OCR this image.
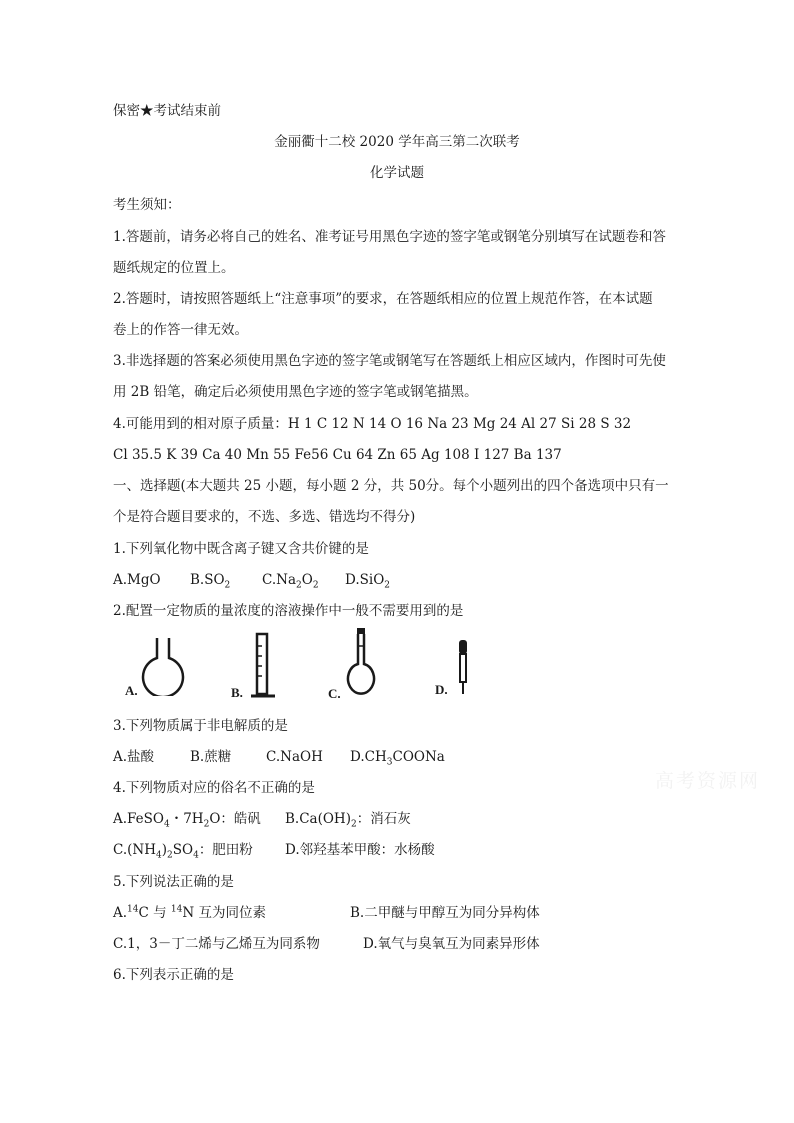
保密★考试结束前
金丽衢十二校 2020 学年高三第二次联考
化学试题
考生须知：
1.答题前，请务必将自己的姓名、准考证号用黑色字迹的签字笔或钢笔分别填写在试题卷和答
题纸规定的位置上。
2.答题时，请按照答题纸上“注意事项”的要求，在答题纸相应的位置上规范作答，在本试题
卷上的作答一律无效。
3.非选择题的答案必须使用黑色字迹的签字笔或钢笔写在答题纸上相应区域内，作图时可先使
用 2B 铅笔，确定后必须使用黑色字迹的签字笔或钢笔描黑。
4.可能用到的相对原子质量：H 1 C 12 N 14 O 16 Na 23 Mg 24 Al 27 Si 28 S 32
Cl 35.5 K 39 Ca 40 Mn 55 Fe56 Cu 64 Zn 65 Ag 108 I 127 Ba 137
一、选择题(本大题共 25 小题，每小题 2 分，共 50分。每个小题列出的四个备选项中只有一
个是符合题目要求的，不选、多选、错选均不得分)
1.下列氧化物中既含离子键又含共价键的是
A.MgO $B.SO_2$ $C.Na_2O_2$ D.SiO$_2$
2.配置一定物质的量浓度的溶液操作中一般不需要用到的是
A.	B.	C.	D.
3.下列物质属于非电解质的是
A.盐酸	B.蔗糖	C.NaOH $D.CH_3COONa$
高考资源网
4.下列物质对应的俗名不正确的是
A.FeSO$_4$・$7H_2O$：皓矾 $B.Ca(OH)_2$：消石灰
$C.(NH_4)_2SO_4$：肥田粉 D.邻羟基苯甲酸：水杨酸
5.下列说法正确的是
A.$^{14}$C 与 $^{14}$N 互为同位素	B.二甲醚与甲醇互为同分异构体
C.1，3－丁二烯与乙烯互为同系物	D.氧气与臭氧互为同素异形体
6.下列表示正确的是
